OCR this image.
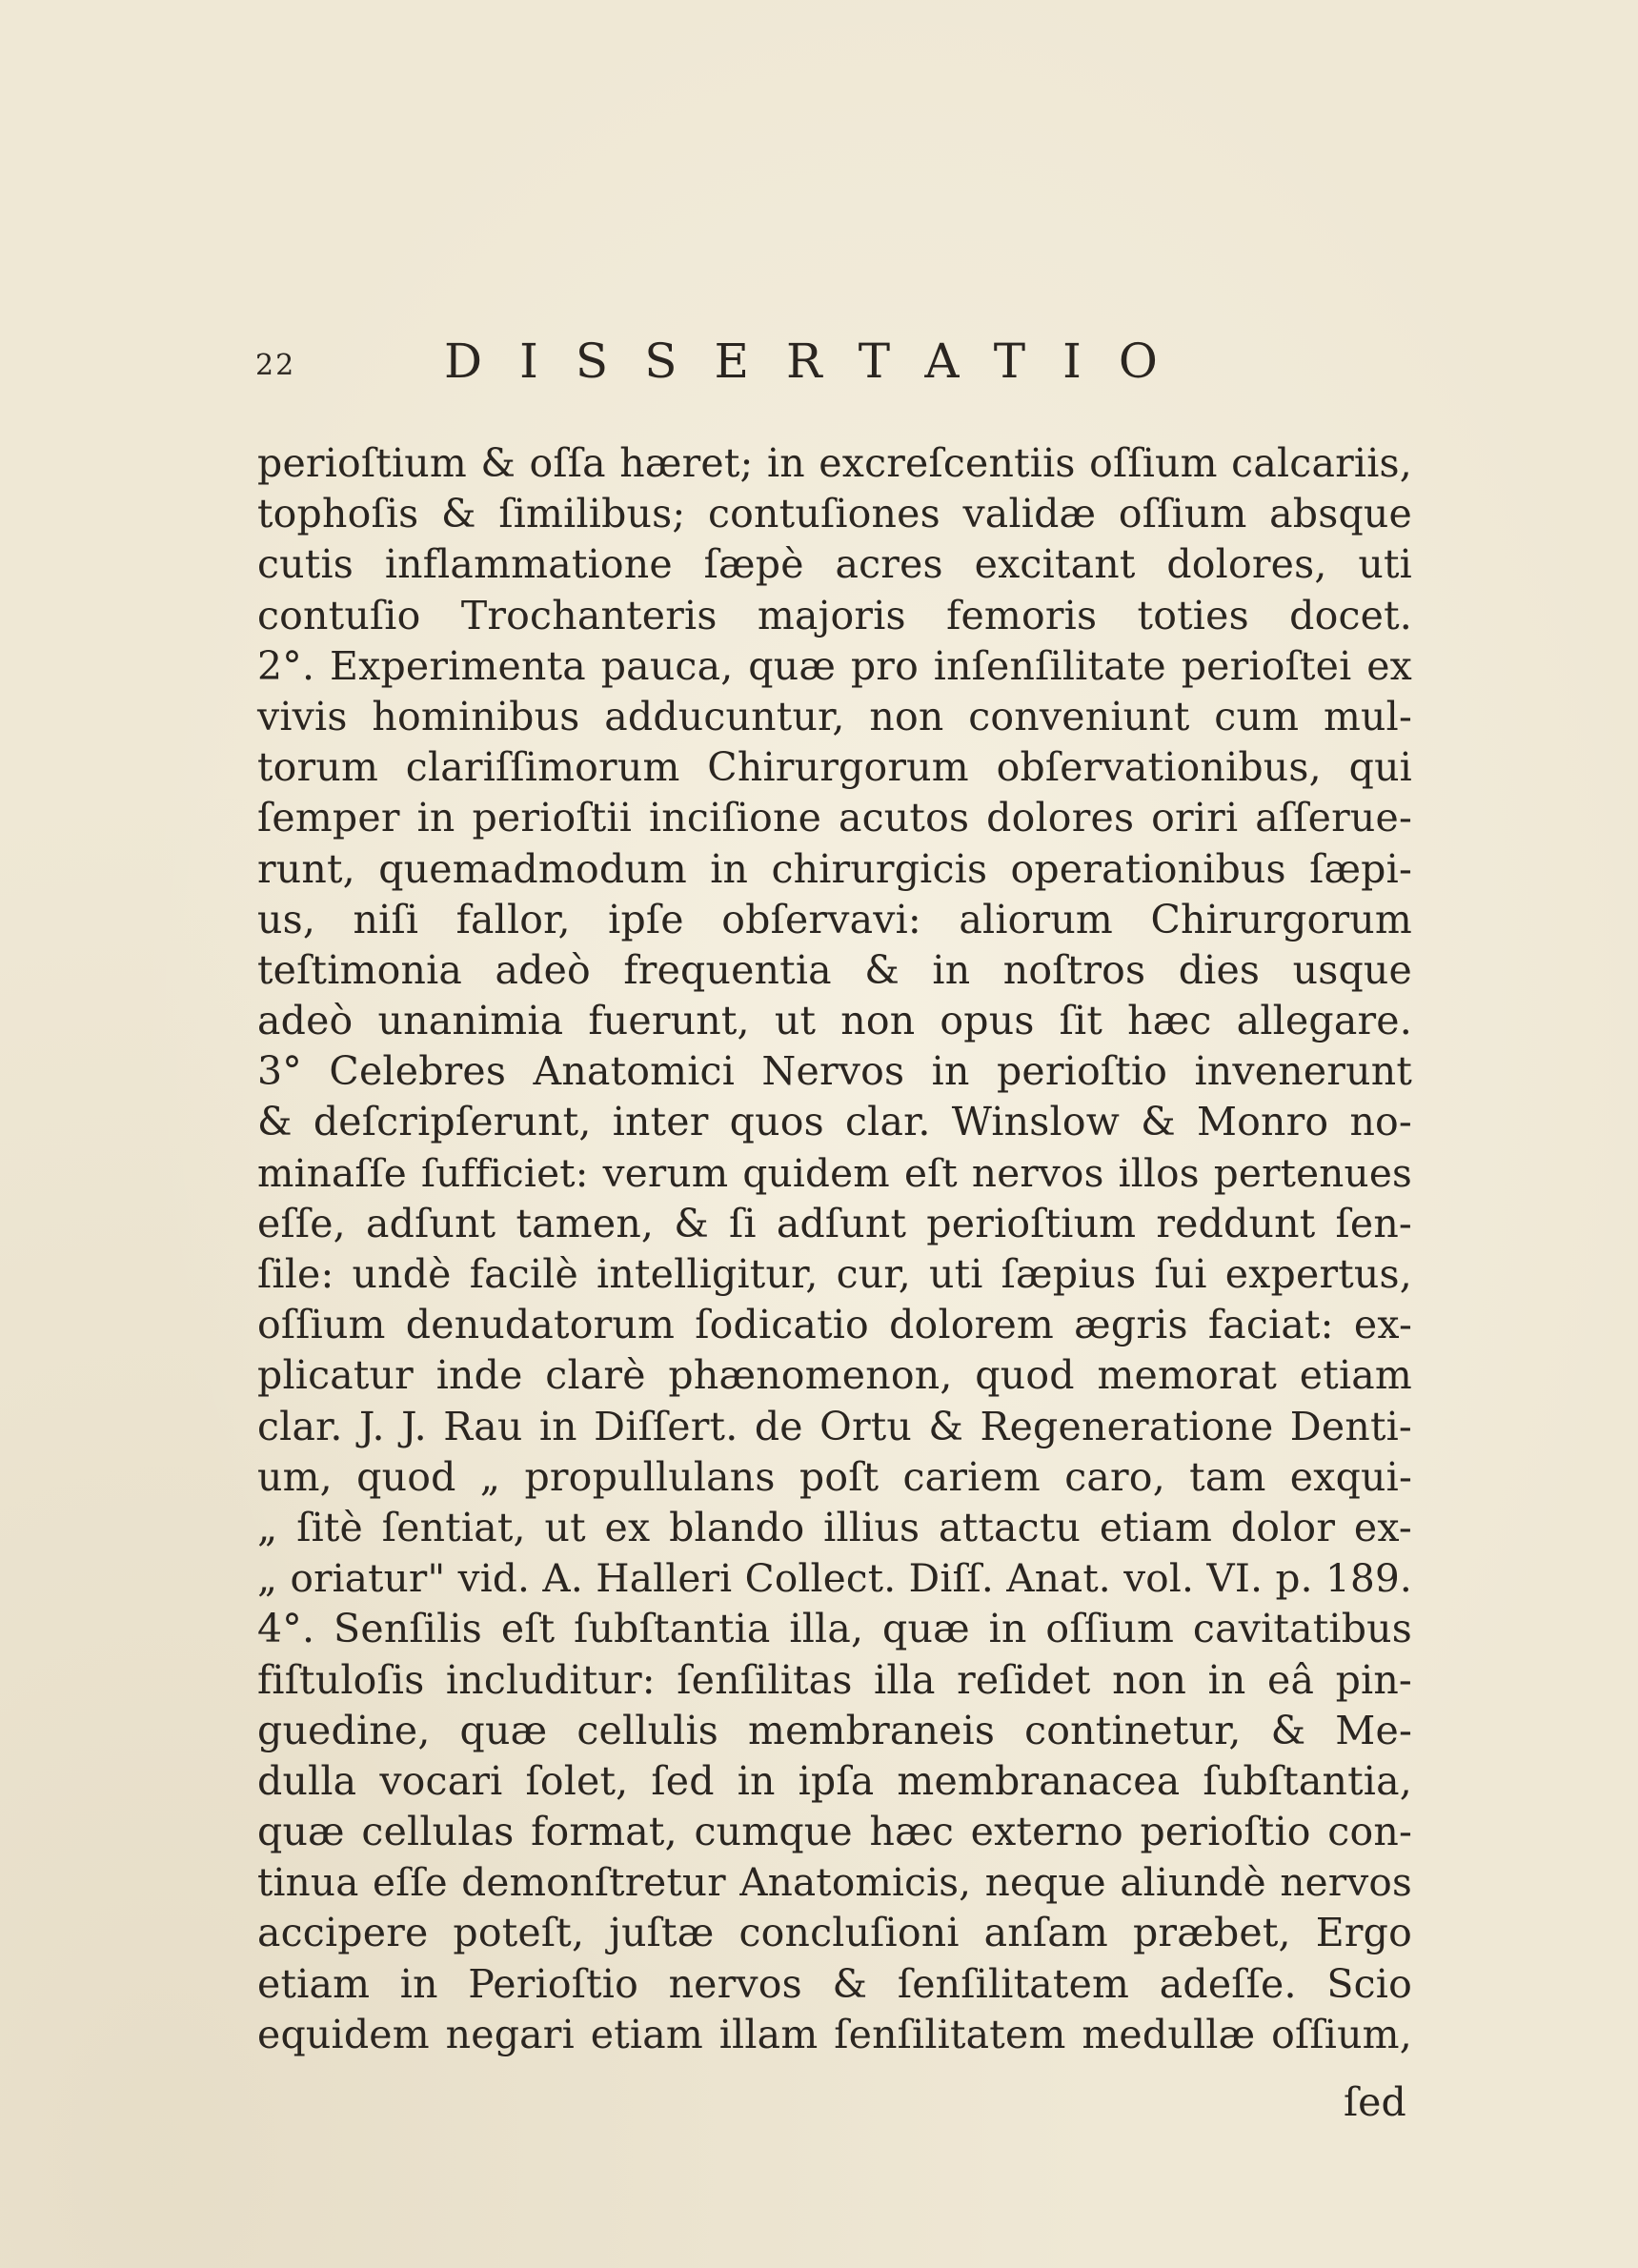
22	DISSERTATIO
perioſtium & oſſa hæret; in excreſcentiis oſſium calcariis,
tophoſis & ſimilibus; contuſiones validæ oſſium absque
cutis inflammatione ſæpè acres excitant dolores, uti
contuſio Trochanteris majoris femoris toties docet.
2°. Experimenta pauca, quæ pro inſenſilitate perioſtei ex
vivis hominibus adducuntur, non conveniunt cum mul-
torum clariſſimorum Chirurgorum obſervationibus, qui
ſemper in perioſtii inciſione acutos dolores oriri aſſerue-
runt, quemadmodum in chirurgicis operationibus ſæpi-
us, niſi fallor, ipſe obſervavi: aliorum Chirurgorum
teſtimonia adeò frequentia & in noſtros dies usque
adeò unanimia fuerunt, ut non opus ſit hæc allegare.
3° Celebres Anatomici Nervos in perioſtio invenerunt
& deſcripſerunt, inter quos clar. Winslow & Monro no-
minaſſe ſufficiet: verum quidem eſt nervos illos pertenues
eſſe, adſunt tamen, & ſi adſunt perioſtium reddunt ſen-
ſile: undè facilè intelligitur, cur, uti ſæpius ſui expertus,
oſſium denudatorum ſodicatio dolorem ægris faciat: ex-
plicatur inde clarè phænomenon, quod memorat etiam
clar. J. J. Rau in Diſſert. de Ortu & Regeneratione Denti-
um, quod „ propullulans poſt cariem caro, tam exqui-
„ ſitè ſentiat, ut ex blando illius attactu etiam dolor ex-
„ oriatur" vid. A. Halleri Collect. Diſſ. Anat. vol. VI. p. 189.
4°. Senſilis eſt ſubſtantia illa, quæ in oſſium cavitatibus
fiſtuloſis includitur: ſenſilitas illa reſidet non in eâ pin-
guedine, quæ cellulis membraneis continetur, & Me-
dulla vocari ſolet, ſed in ipſa membranacea ſubſtantia,
quæ cellulas format, cumque hæc externo perioſtio con-
tinua eſſe demonſtretur Anatomicis, neque aliundè nervos
accipere poteſt, juſtæ concluſioni anſam præbet, Ergo
etiam in Perioſtio nervos & ſenſilitatem adeſſe. Scio
equidem negari etiam illam ſenſilitatem medullæ oſſium,
ſed
